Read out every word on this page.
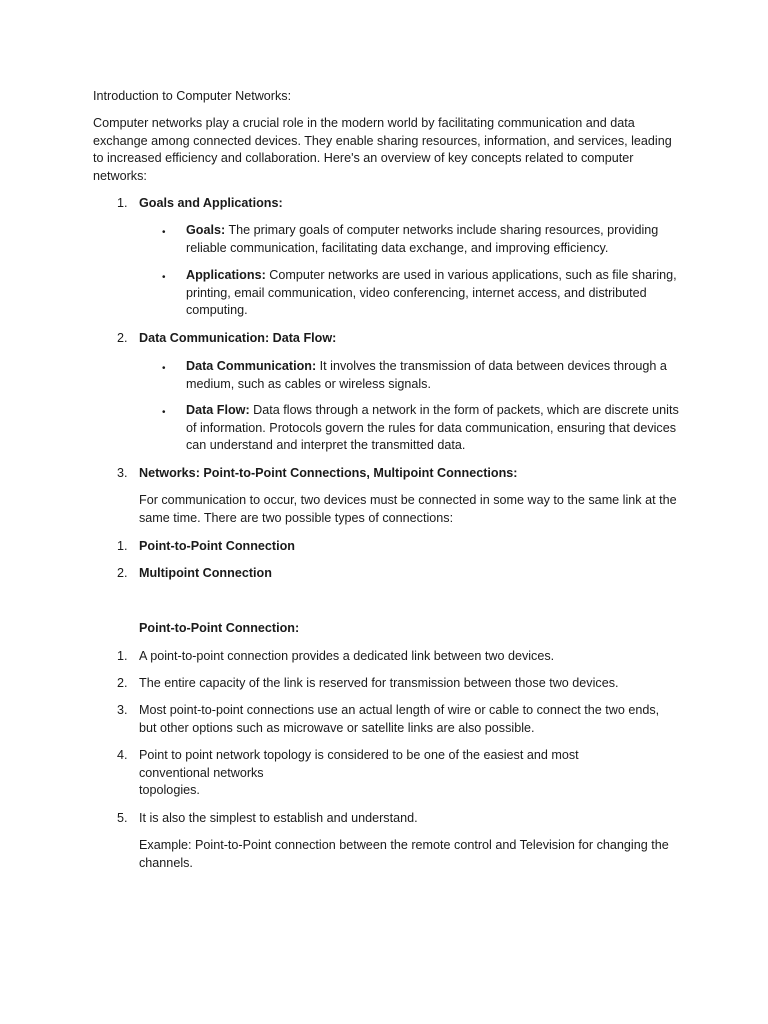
Introduction to Computer Networks:

Computer networks play a crucial role in the modern world by facilitating communication and data exchange among connected devices. They enable sharing resources, information, and services, leading to increased efficiency and collaboration. Here's an overview of key concepts related to computer networks:

1. Goals and Applications:

• Goals: The primary goals of computer networks include sharing resources, providing reliable communication, facilitating data exchange, and improving efficiency.

• Applications: Computer networks are used in various applications, such as file sharing, printing, email communication, video conferencing, internet access, and distributed computing.

2. Data Communication: Data Flow:

• Data Communication: It involves the transmission of data between devices through a medium, such as cables or wireless signals.

• Data Flow: Data flows through a network in the form of packets, which are discrete units of information. Protocols govern the rules for data communication, ensuring that devices can understand and interpret the transmitted data.

3. Networks: Point-to-Point Connections, Multipoint Connections:

For communication to occur, two devices must be connected in some way to the same link at the same time. There are two possible types of connections:

1. Point-to-Point Connection

2. Multipoint Connection

Point-to-Point Connection:

1. A point-to-point connection provides a dedicated link between two devices.

2. The entire capacity of the link is reserved for transmission between those two devices.

3. Most point-to-point connections use an actual length of wire or cable to connect the two ends, but other options such as microwave or satellite links are also possible.

4. Point to point network topology is considered to be one of the easiest and most
conventional networks
topologies.

5. It is also the simplest to establish and understand.

Example: Point-to-Point connection between the remote control and Television for changing the channels.
